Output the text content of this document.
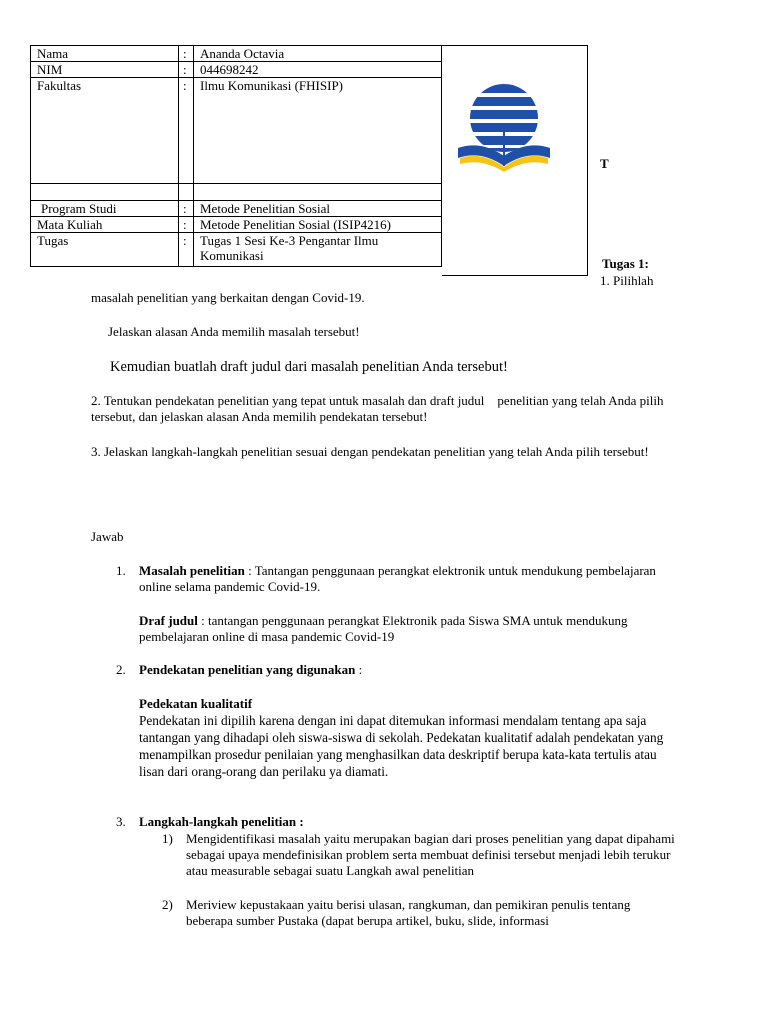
Nama	:	Ananda Octavia
NIM	:	044698242
Fakultas	:	Ilmu Komunikasi (FHISIP)

Program Studi	:	Metode Penelitian Sosial
Mata Kuliah	:	Metode Penelitian Sosial (ISIP4216)
Tugas	:	Tugas 1 Sesi Ke-3 Pengantar Ilmu Komunikasi
T
Tugas 1:
1. Pilihlah
masalah penelitian yang berkaitan dengan Covid-19.
Jelaskan alasan Anda memilih masalah tersebut!
Kemudian buatlah draft judul dari masalah penelitian Anda tersebut!
2. Tentukan pendekatan penelitian yang tepat untuk masalah dan draft judul    penelitian yang telah Anda pilih tersebut, dan jelaskan alasan Anda memilih pendekatan tersebut!
3. Jelaskan langkah-langkah penelitian sesuai dengan pendekatan penelitian yang telah Anda pilih tersebut!
Jawab
1. Masalah penelitian : Tantangan penggunaan perangkat elektronik untuk mendukung pembelajaran online selama pandemic Covid-19.
Draf judul : tantangan penggunaan perangkat Elektronik pada Siswa SMA untuk mendukung pembelajaran online di masa pandemic Covid-19
2. Pendekatan penelitian yang digunakan :
Pedekatan kualitatif
Pendekatan ini dipilih karena dengan ini dapat ditemukan informasi mendalam tentang apa saja tantangan yang dihadapi oleh siswa-siswa di sekolah. Pedekatan kualitatif adalah pendekatan yang menampilkan prosedur penilaian yang menghasilkan data deskriptif berupa kata-kata tertulis atau lisan dari orang-orang dan perilaku ya diamati.
3. Langkah-langkah penelitian :
1) Mengidentifikasi masalah yaitu merupakan bagian dari proses penelitian yang dapat dipahami sebagai upaya mendefinisikan problem serta membuat definisi tersebut menjadi lebih terukur atau measurable sebagai suatu Langkah awal penelitian
2) Meriview kepustakaan yaitu berisi ulasan, rangkuman, dan pemikiran penulis tentang beberapa sumber Pustaka (dapat berupa artikel, buku, slide, informasi
